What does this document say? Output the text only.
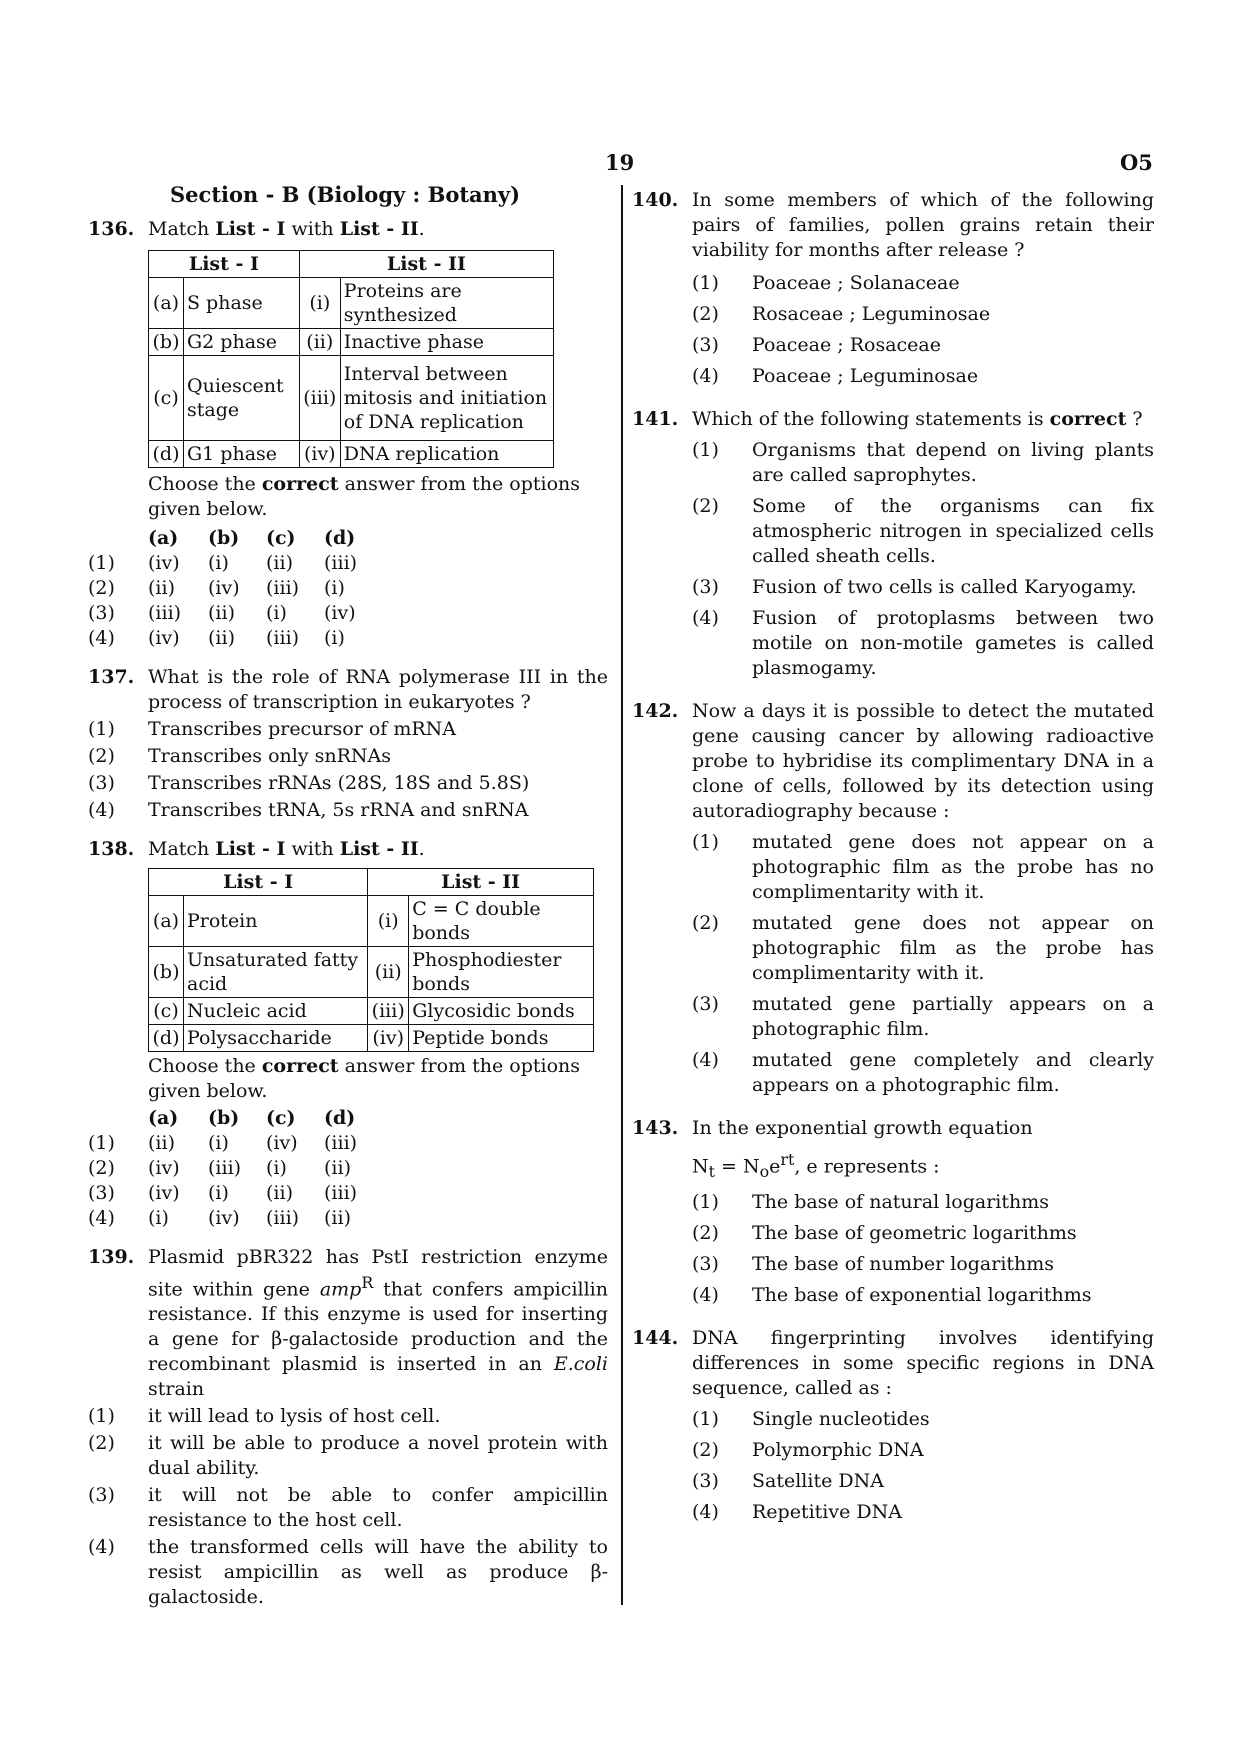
19	O5
Section - B (Biology : Botany)
136. Match List - I with List - II.
List - I		List - II	
(a)	S phase	(i)	Proteins are synthesized
(b)	G2 phase	(ii)	Inactive phase
(c)	Quiescent stage	(iii)	Interval between mitosis and initiation of DNA replication
(d)	G1 phase	(iv)	DNA replication
Choose the correct answer from the options given below.
(a)	(b)	(c)	(d)
(1)	(iv)	(i)	(ii)	(iii)
(2)	(ii)	(iv)	(iii)	(i)
(3)	(iii)	(ii)	(i)	(iv)
(4)	(iv)	(ii)	(iii)	(i)
137. What is the role of RNA polymerase III in the process of transcription in eukaryotes ?
(1) Transcribes precursor of mRNA
(2) Transcribes only snRNAs
(3) Transcribes rRNAs (28S, 18S and 5.8S)
(4) Transcribes tRNA, 5s rRNA and snRNA
138. Match List - I with List - II.
List - I		List - II	
(a)	Protein	(i)	C = C double bonds
(b)	Unsaturated fatty acid	(ii)	Phosphodiester bonds
(c)	Nucleic acid	(iii)	Glycosidic bonds
(d)	Polysaccharide	(iv)	Peptide bonds
Choose the correct answer from the options given below.
(a)	(b)	(c)	(d)
(1)	(ii)	(i)	(iv)	(iii)
(2)	(iv)	(iii)	(i)	(ii)
(3)	(iv)	(i)	(ii)	(iii)
(4)	(i)	(iv)	(iii)	(ii)
139. Plasmid pBR322 has PstI restriction enzyme site within gene amp$^R$ that confers ampicillin resistance. If this enzyme is used for inserting a gene for β-galactoside production and the recombinant plasmid is inserted in an E.coli strain
(1) it will lead to lysis of host cell.
(2) it will be able to produce a novel protein with dual ability.
(3) it will not be able to confer ampicillin resistance to the host cell.
(4) the transformed cells will have the ability to resist ampicillin as well as produce β-galactoside.
140. In some members of which of the following pairs of families, pollen grains retain their viability for months after release ?
(1) Poaceae ; Solanaceae
(2) Rosaceae ; Leguminosae
(3) Poaceae ; Rosaceae
(4) Poaceae ; Leguminosae
141. Which of the following statements is correct ?
(1) Organisms that depend on living plants are called saprophytes.
(2) Some of the organisms can fix atmospheric nitrogen in specialized cells called sheath cells.
(3) Fusion of two cells is called Karyogamy.
(4) Fusion of protoplasms between two motile on non-motile gametes is called plasmogamy.
142. Now a days it is possible to detect the mutated gene causing cancer by allowing radioactive probe to hybridise its complimentary DNA in a clone of cells, followed by its detection using autoradiography because :
(1) mutated gene does not appear on a photographic film as the probe has no complimentarity with it.
(2) mutated gene does not appear on photographic film as the probe has complimentarity with it.
(3) mutated gene partially appears on a photographic film.
(4) mutated gene completely and clearly appears on a photographic film.
143. In the exponential growth equation
$N_t = N_oe^{rt}$, e represents :
(1) The base of natural logarithms
(2) The base of geometric logarithms
(3) The base of number logarithms
(4) The base of exponential logarithms
144. DNA fingerprinting involves identifying differences in some specific regions in DNA sequence, called as :
(1) Single nucleotides
(2) Polymorphic DNA
(3) Satellite DNA
(4) Repetitive DNA
